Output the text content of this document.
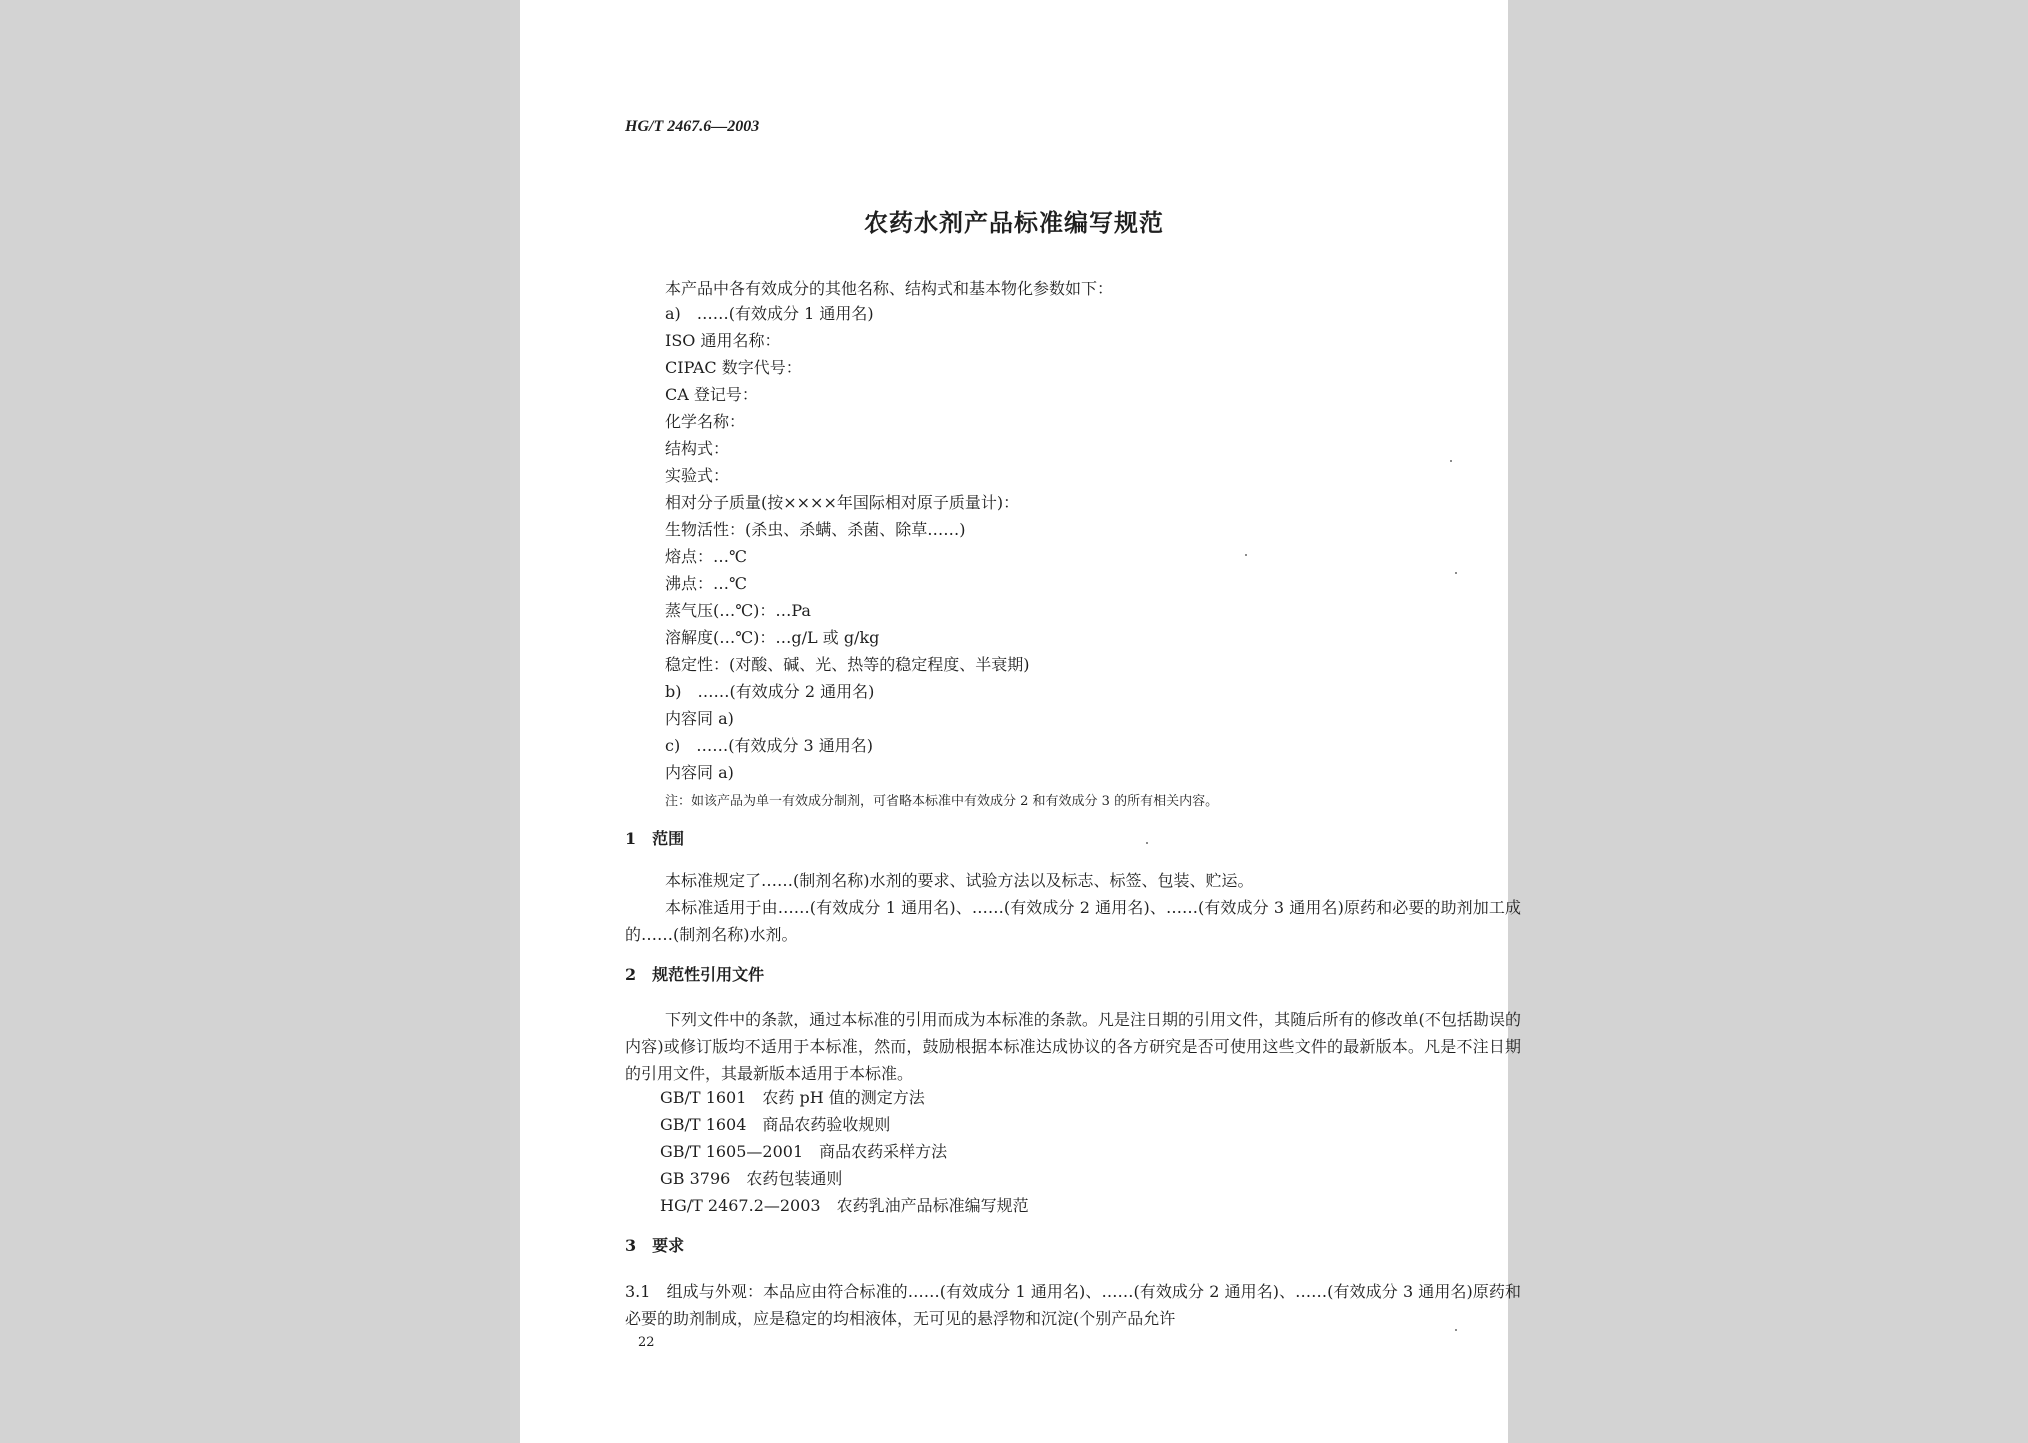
HG/T 2467.6—2003
农药水剂产品标准编写规范
本产品中各有效成分的其他名称、结构式和基本物化参数如下：
a)　……(有效成分 1 通用名)
ISO 通用名称：
CIPAC 数字代号：
CA 登记号：
化学名称：
结构式：
实验式：
相对分子质量(按××××年国际相对原子质量计)：
生物活性：(杀虫、杀螨、杀菌、除草……)
熔点：…℃
沸点：…℃
蒸气压(…℃)：…Pa
溶解度(…℃)：…g/L 或 g/kg
稳定性：(对酸、碱、光、热等的稳定程度、半衰期)
b)　……(有效成分 2 通用名)
内容同 a)
c)　……(有效成分 3 通用名)
内容同 a)
注：如该产品为单一有效成分制剂，可省略本标准中有效成分 2 和有效成分 3 的所有相关内容。
1　范围
本标准规定了……(制剂名称)水剂的要求、试验方法以及标志、标签、包装、贮运。
本标准适用于由……(有效成分 1 通用名)、……(有效成分 2 通用名)、……(有效成分 3 通用名)原药和必要的助剂加工成的……(制剂名称)水剂。
2　规范性引用文件
下列文件中的条款，通过本标准的引用而成为本标准的条款。凡是注日期的引用文件，其随后所有的修改单(不包括勘误的内容)或修订版均不适用于本标准，然而，鼓励根据本标准达成协议的各方研究是否可使用这些文件的最新版本。凡是不注日期的引用文件，其最新版本适用于本标准。
GB/T 1601　农药 pH 值的测定方法
GB/T 1604　商品农药验收规则
GB/T 1605—2001　商品农药采样方法
GB 3796　农药包装通则
HG/T 2467.2—2003　农药乳油产品标准编写规范
3　要求
3.1　组成与外观：本品应由符合标准的……(有效成分 1 通用名)、……(有效成分 2 通用名)、……(有效成分 3 通用名)原药和必要的助剂制成，应是稳定的均相液体，无可见的悬浮物和沉淀(个别产品允许
22
